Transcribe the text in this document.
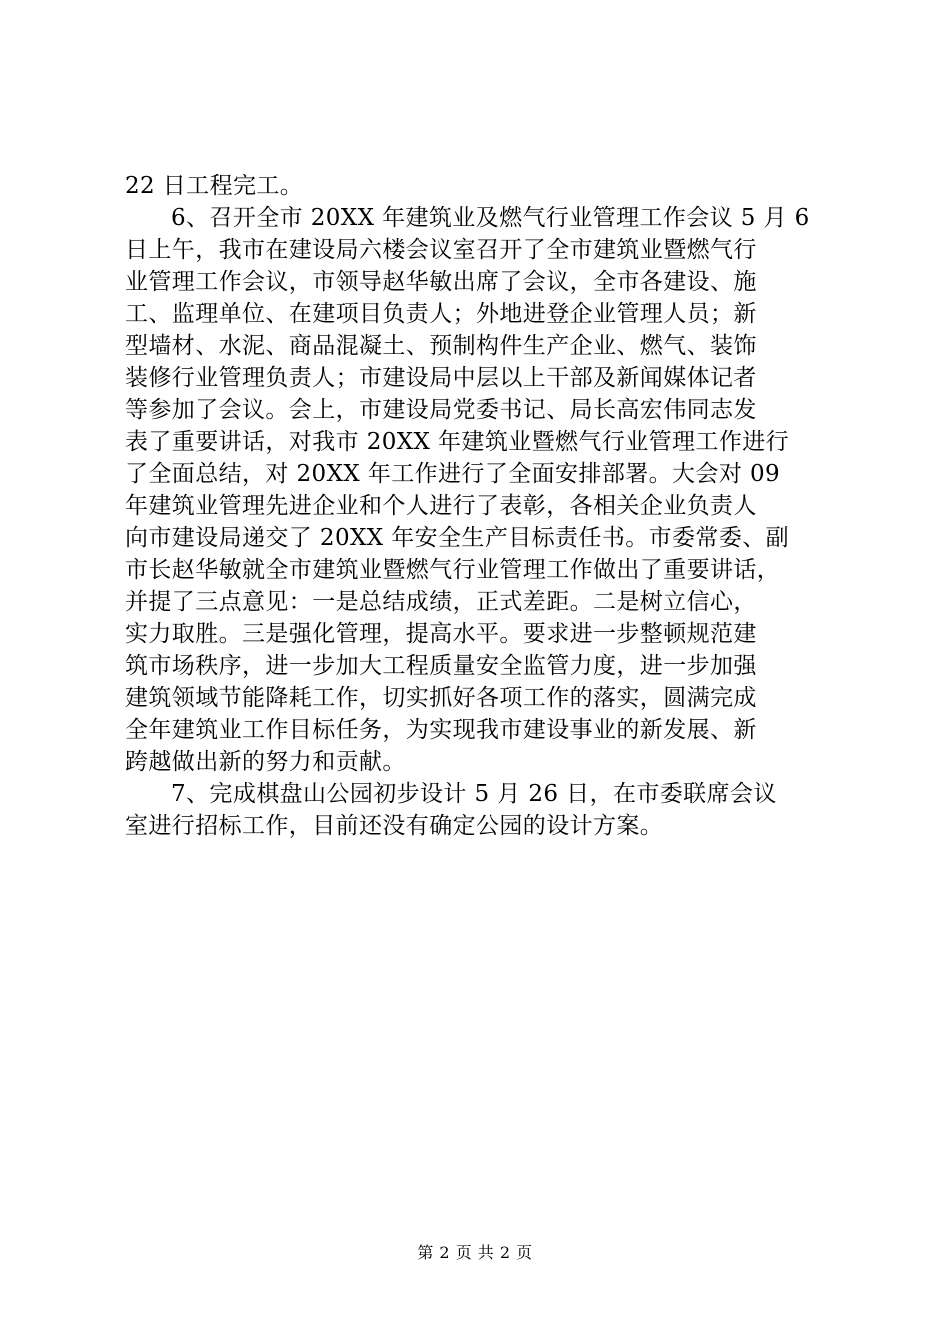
22 日工程完工。
6、召开全市 20XX 年建筑业及燃气行业管理工作会议 5 月 6
日上午，我市在建设局六楼会议室召开了全市建筑业暨燃气行
业管理工作会议，市领导赵华敏出席了会议，全市各建设、施
工、监理单位、在建项目负责人；外地进登企业管理人员；新
型墙材、水泥、商品混凝土、预制构件生产企业、燃气、装饰
装修行业管理负责人；市建设局中层以上干部及新闻媒体记者
等参加了会议。会上，市建设局党委书记、局长高宏伟同志发
表了重要讲话，对我市 20XX 年建筑业暨燃气行业管理工作进行
了全面总结，对 20XX 年工作进行了全面安排部署。大会对 09
年建筑业管理先进企业和个人进行了表彰，各相关企业负责人
向市建设局递交了 20XX 年安全生产目标责任书。市委常委、副
市长赵华敏就全市建筑业暨燃气行业管理工作做出了重要讲话，
并提了三点意见：一是总结成绩，正式差距。二是树立信心，
实力取胜。三是强化管理，提高水平。要求进一步整顿规范建
筑市场秩序，进一步加大工程质量安全监管力度，进一步加强
建筑领域节能降耗工作，切实抓好各项工作的落实，圆满完成
全年建筑业工作目标任务，为实现我市建设事业的新发展、新
跨越做出新的努力和贡献。
7、完成棋盘山公园初步设计 5 月 26 日，在市委联席会议
室进行招标工作，目前还没有确定公园的设计方案。
第 2 页 共 2 页
